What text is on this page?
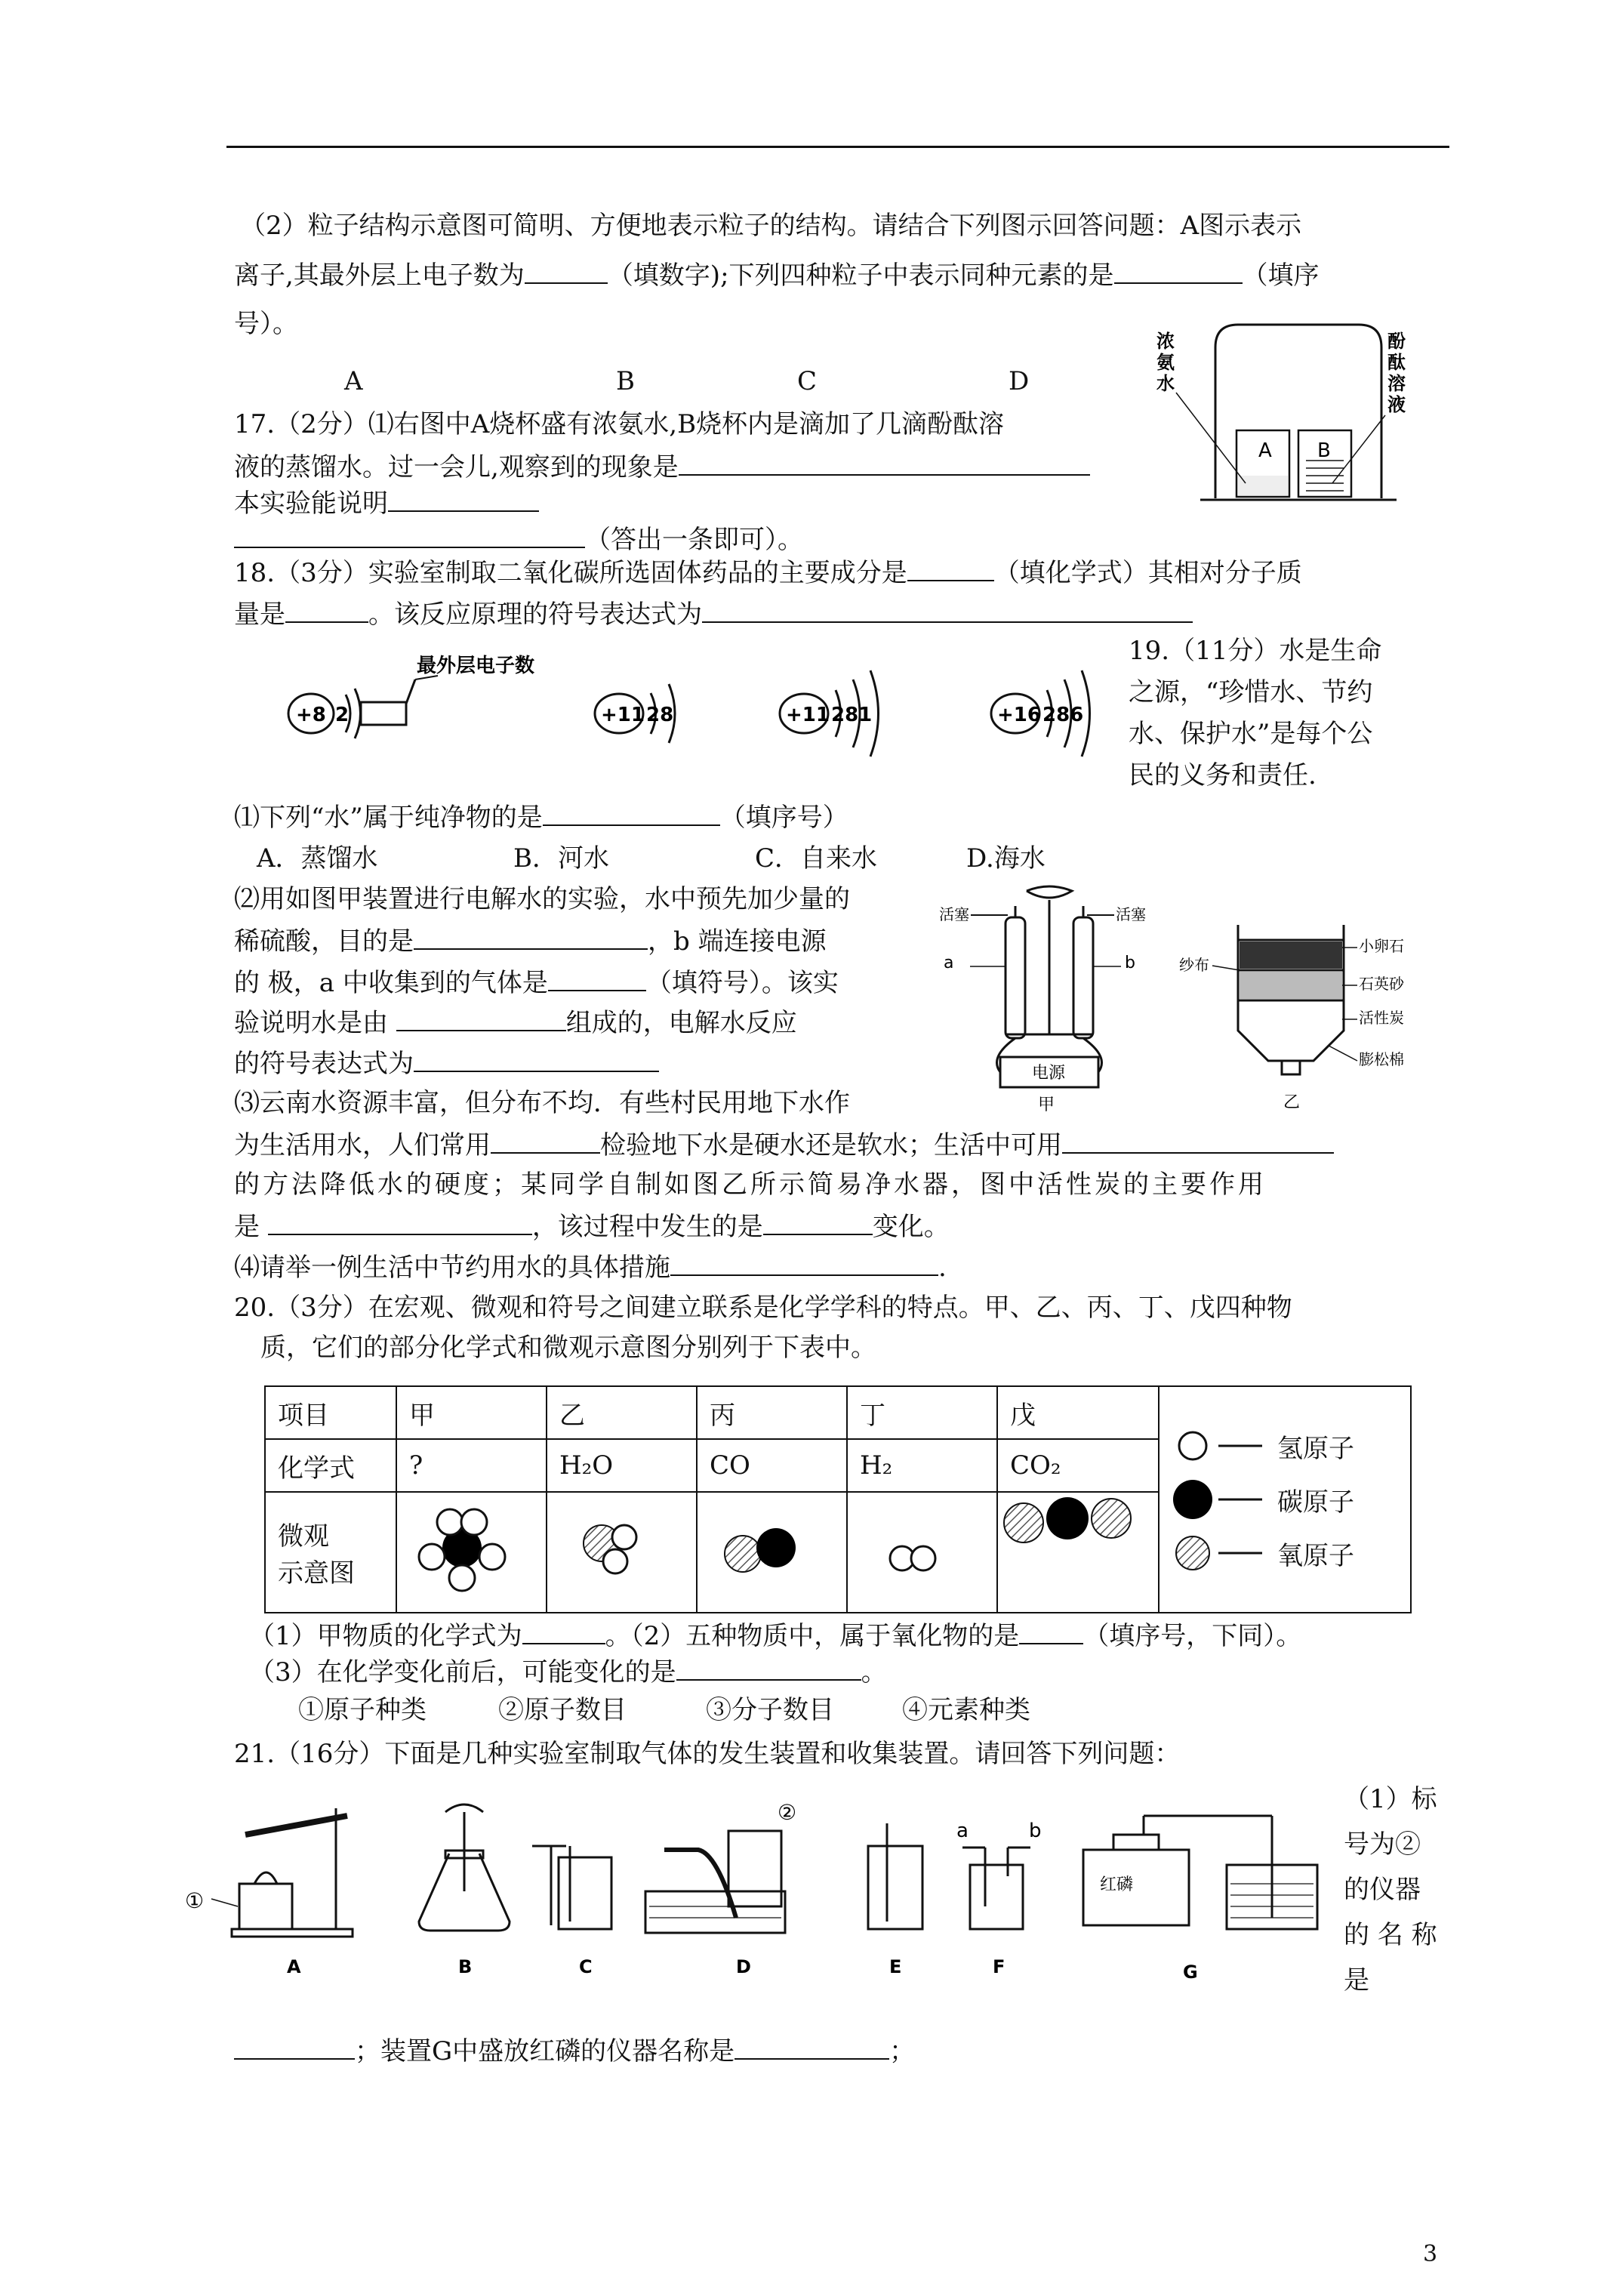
（2）粒子结构示意图可简明、方便地表示粒子的结构。请结合下列图示回答问题：A图示表示
离子,其最外层上电子数为	（填数字);下列四种粒子中表示同种元素的是	（填序
号）。
A	B	C	D
17.（2分）⑴右图中A烧杯盛有浓氨水,B烧杯内是滴加了几滴酚酞溶
液的蒸馏水。过一会儿,观察到的现象是
本实验能说明
（答出一条即可）。
A B
浓
氨
水
酚
酞
溶
液
18.（3分）实验室制取二氧化碳所选固体药品的主要成分是	（填化学式）其相对分子质
量是	。该反应原理的符号表达式为
+8 2
最外层电子数
+11 28	+11 281	+16 286
19.（11分）水是生命
之源，“珍惜水、节约
水、保护水”是每个公
民的义务和责任.
⑴下列“水”属于纯净物的是	（填序号）
A．蒸馏水	B．河水	C．自来水	D.海水
⑵用如图甲装置进行电解水的实验，水中预先加少量的
稀硫酸，目的是	，b 端连接电源
的 极，a 中收集到的气体是	（填符号）。该实
验说明水是由	组成的，电解水反应
的符号表达式为
⑶云南水资源丰富，但分布不均．有些村民用地下水作
为生活用水，人们常用	检验地下水是硬水还是软水；生活中可用
的方法降低水的硬度；某同学自制如图乙所示简易净水器，图中活性炭的主要作用
是	，该过程中发生的是	变化。
⑷请举一例生活中节约用水的具体措施	.
活塞	活塞
a	b
电源
甲
纱布
小卵石
石英砂
活性炭
膨松棉
乙
20.（3分）在宏观、微观和符号之间建立联系是化学学科的特点。甲、乙、丙、丁、戊四种物
质，它们的部分化学式和微观示意图分别列于下表中。
项目	甲	乙	丙	丁	戊	氢原子
碳原子
氧原子

化学式	?	H₂O	CO	H₂	CO₂	

微观
示意图

（1）甲物质的化学式为	。（2）五种物质中，属于氧化物的是	（填序号，下同）。
（3）在化学变化前后，可能变化的是	。
①原子种类	②原子数目	③分子数目	④元素种类
21.（16分）下面是几种实验室制取气体的发生装置和收集装置。请回答下列问题：
（1）标
号为②
的仪器
的 名 称
是
①
②
a	b
红磷
A	B	C	D	E	F	G
；装置G中盛放红磷的仪器名称是	；
3
